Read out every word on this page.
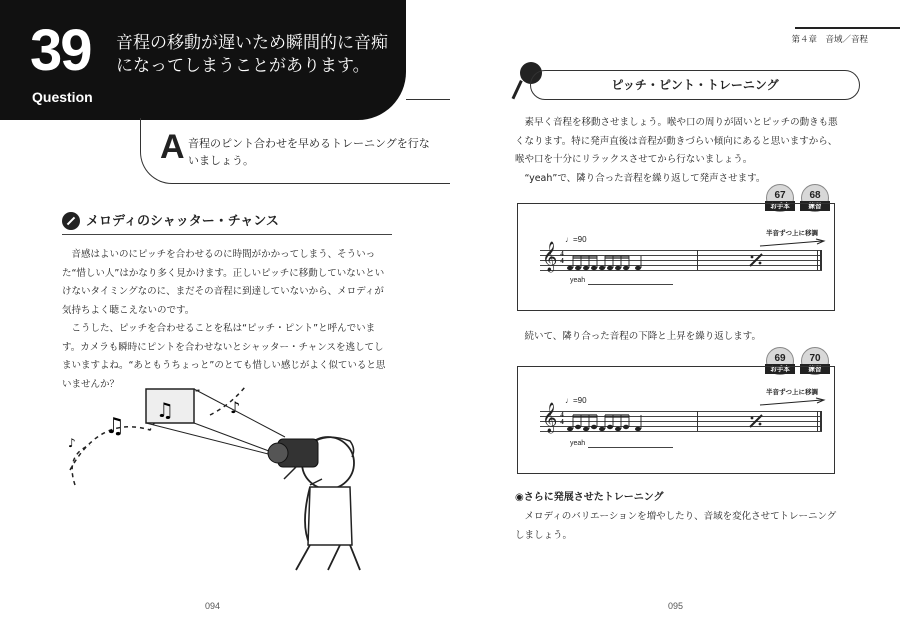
39
Question
音程の移動が遅いため瞬間的に音痴になってしまうことがあります。
A 音程のピント合わせを早めるトレーニングを行ないましょう。
メロディのシャッター・チャンス

音感はよいのにピッチを合わせるのに時間がかかってしまう、そういった“惜しい人”はかなり多く見かけます。正しいピッチに移動していないといけないタイミングなのに、まだその音程に到達していないから、メロディが気持ちよく聴こえないのです。

こうした、ピッチを合わせることを私は“ピッチ・ピント”と呼んでいます。カメラも瞬時にピントを合わせないとシャッター・チャンスを逃してしまいますよね。“あともうちょっと”のとても惜しい感じがよく似ていると思いませんか？

♫
♪
♪
♫
094
第４章　音域／音程
ピッチ・ピント・トレーニング

素早く音程を移動させましょう。喉や口の周りが固いとピッチの動きも悪くなります。特に発声直後は音程が動きづらい傾向にあると思いますから、喉や口を十分にリラックスさせてから行ないましょう。

“yeah”で、隣り合った音程を繰り返して発声させます。

67
お手本
68
練習
♩=90
半音ずつ上に移調
𝄞 4
4
yeah

続いて、隣り合った音程の下降と上昇を繰り返します。

69
お手本
70
練習
♩=90
半音ずつ上に移調
𝄞 4
4
yeah
◉さらに発展させたトレーニング

メロディのバリエーションを増やしたり、音域を変化させてトレーニングしましょう。

095
